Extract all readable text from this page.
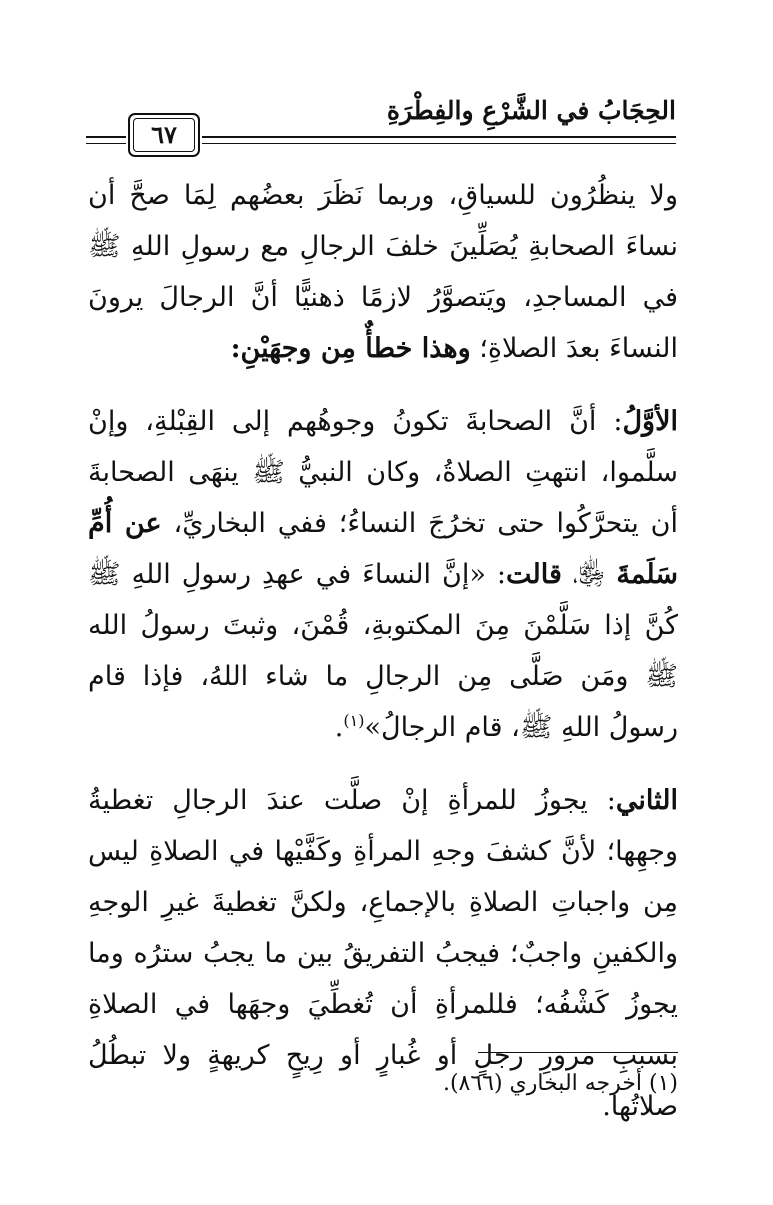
الحِجَابُ في الشَّرْعِ والفِطْرَةِ
٦٧

ولا ينظُرُون للسياقِ، وربما نَظَرَ بعضُهم لِمَا صحَّ أن نساءَ الصحابةِ يُصَلِّينَ خلفَ الرجالِ مع رسولِ اللهِ ﷺ في المساجدِ، ويَتصوَّرُ لازمًا ذهنيًّا أنَّ الرجالَ يرونَ النساءَ بعدَ الصلاةِ؛ وهذا خطأٌ مِن وجهَيْنِ:

الأوَّلُ: أنَّ الصحابةَ تكونُ وجوهُهم إلى القِبْلةِ، وإنْ سلَّموا، انتهتِ الصلاةُ، وكان النبيُّ ﷺ ينهَى الصحابةَ أن يتحرَّكُوا حتى تخرُجَ النساءُ؛ ففي البخاريِّ، عن أُمِّ سَلَمةَ ﵂، قالت: «إنَّ النساءَ في عهدِ رسولِ اللهِ ﷺ كُنَّ إذا سَلَّمْنَ مِنَ المكتوبةِ، قُمْنَ، وثبتَ رسولُ الله ﷺ ومَن صَلَّى مِن الرجالِ ما شاء اللهُ، فإذا قام رسولُ اللهِ ﷺ، قام الرجالُ»$^{(١)}$.

الثاني: يجوزُ للمرأةِ إنْ صلَّت عندَ الرجالِ تغطيةُ وجهِها؛ لأنَّ كشفَ وجهِ المرأةِ وكَفَّيْها في الصلاةِ ليس مِن واجباتِ الصلاةِ بالإجماعِ، ولكنَّ تغطيةَ غيرِ الوجهِ والكفينِ واجبٌ؛ فيجبُ التفريقُ بين ما يجبُ سترُه وما يجوزُ كَشْفُه؛ فللمرأةِ أن تُغطِّيَ وجهَها في الصلاةِ بسببِ مرورِ رجلٍ أو غُبارٍ أو رِيحٍ كريهةٍ ولا تبطُلُ صلاتُها.

(١) أخرجه البخاري (٨٦٦).
